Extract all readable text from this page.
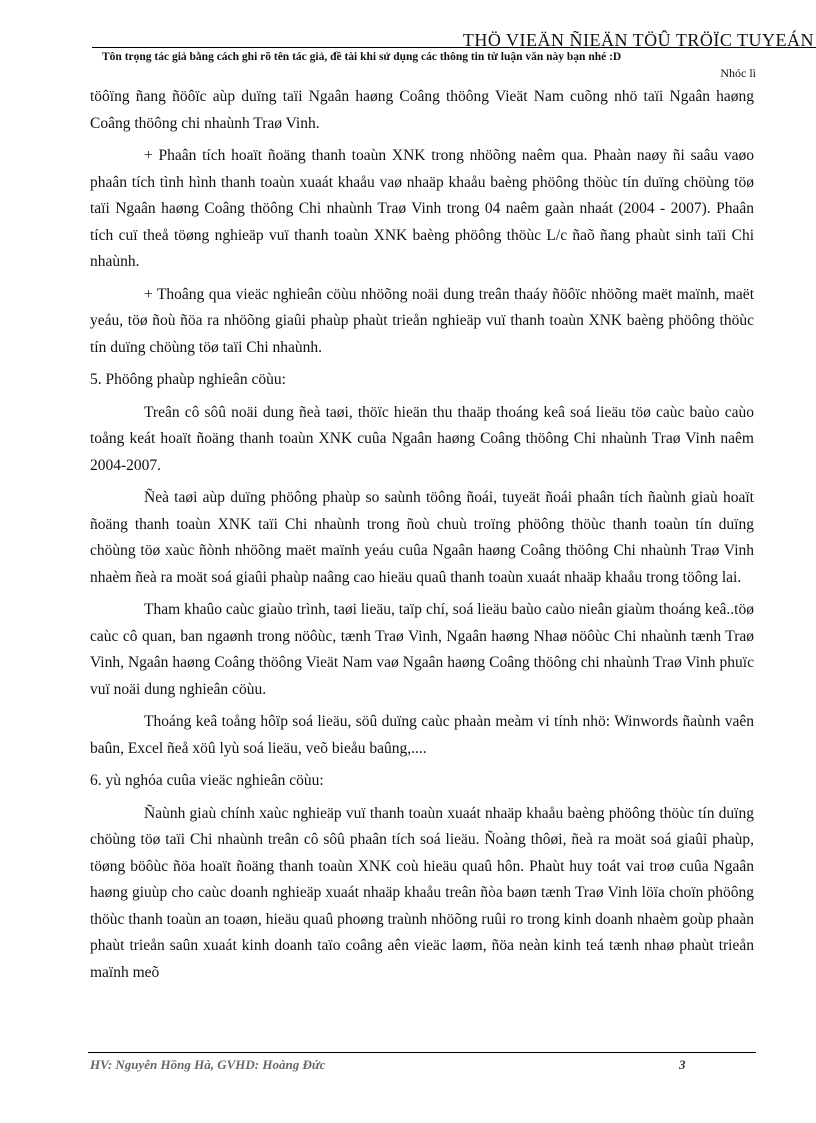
THÖ VIEÄN ÑIEÄN TÖÛ TRÖÏC TUYEÁN
Tôn trọng tác giả bằng cách ghi rõ tên tác giả, đề tài khi sử dụng các thông tin từ luận văn này bạn nhé :D
Nhóc lì

töôïng ñang ñöôïc aùp duïng taïi Ngaân haøng Coâng thöông Vieät Nam cuõng nhö taïi Ngaân haøng Coâng thöông chi nhaùnh Traø Vinh.

+ Phaân tích hoaït ñoäng thanh toaùn XNK trong nhöõng naêm qua. Phaàn naøy ñi saâu vaøo phaân tích tình hình thanh toaùn xuaát khaåu vaø nhaäp khaåu baèng phöông thöùc tín duïng chöùng töø taïi Ngaân haøng Coâng thöông Chi nhaùnh Traø Vinh trong 04 naêm gaàn nhaát (2004 - 2007). Phaân tích cuï theå töøng nghieäp vuï thanh toaùn XNK baèng phöông thöùc L/c ñaõ ñang phaùt sinh taïi Chi nhaùnh.

+ Thoâng qua vieäc nghieân cöùu nhöõng noäi dung treân thaáy ñöôïc nhöõng maët maïnh, maët yeáu, töø ñoù ñöa ra nhöõng giaûi phaùp phaùt trieån nghieäp vuï thanh toaùn XNK baèng phöông thöùc tín duïng chöùng töø taïi Chi nhaùnh.

5. Phöông phaùp nghieân cöùu:

Treân cô sôû noäi dung ñeà taøi, thöïc hieän thu thaäp thoáng keâ soá lieäu töø caùc baùo caùo toång keát hoaït ñoäng thanh toaùn XNK cuûa Ngaân haøng Coâng thöông Chi nhaùnh Traø Vinh naêm 2004-2007.

Ñeà taøi aùp duïng phöông phaùp so saùnh töông ñoái, tuyeät ñoái phaân tích ñaùnh giaù hoaït ñoäng thanh toaùn XNK taïi Chi nhaùnh trong ñoù chuù troïng phöông thöùc thanh toaùn tín duïng chöùng töø xaùc ñònh nhöõng maët maïnh yeáu cuûa Ngaân haøng Coâng thöông Chi nhaùnh Traø Vinh nhaèm ñeà ra moät soá giaûi phaùp naâng cao hieäu quaû thanh toaùn xuaát nhaäp khaåu trong töông lai.

Tham khaûo caùc giaùo trình, taøi lieäu, taïp chí, soá lieäu baùo caùo nieân giaùm thoáng keâ..töø caùc cô quan, ban ngaønh trong nöôùc, tænh Traø Vinh, Ngaân haøng Nhaø nöôùc Chi nhaùnh tænh Traø Vinh, Ngaân haøng Coâng thöông Vieät Nam vaø Ngaân haøng Coâng thöông chi nhaùnh Traø Vinh phuïc vuï noäi dung nghieân cöùu.

Thoáng keâ toång hôïp soá lieäu, söû duïng caùc phaàn meàm vi tính nhö: Winwords ñaùnh vaên baûn, Excel ñeå xöû lyù soá lieäu, veõ bieåu baûng,....

6. yù nghóa cuûa vieäc nghieân cöùu:

Ñaùnh giaù chính xaùc nghieäp vuï thanh toaùn xuaát nhaäp khaåu baèng phöông thöùc tín duïng chöùng töø taïi Chi nhaùnh treân cô sôû phaân tích soá lieäu. Ñoàng thôøi, ñeà ra moät soá giaûi phaùp, töøng böôùc ñöa hoaït ñoäng thanh toaùn XNK coù hieäu quaû hôn. Phaùt huy toát vai troø cuûa Ngaân haøng giuùp cho caùc doanh nghieäp xuaát nhaäp khaåu treân ñòa baøn tænh Traø Vinh löïa choïn phöông thöùc thanh toaùn an toaøn, hieäu quaû phoøng traùnh nhöõng ruûi ro trong kinh doanh nhaèm goùp phaàn phaùt trieån saûn xuaát kinh doanh taïo coâng aên vieäc laøm, ñöa neàn kinh teá tænh nhaø phaùt trieån maïnh meõ

HV: Nguyễn Hồng Hà, GVHD: Hoàng Đức	3
